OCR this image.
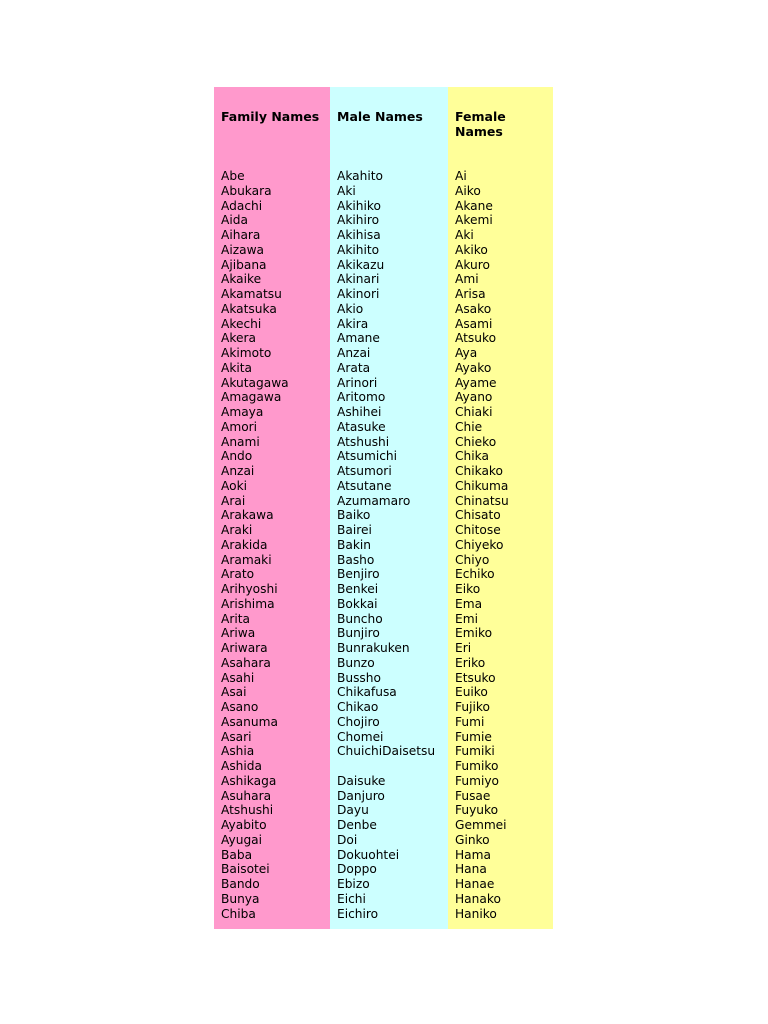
Family Names
Abe
Abukara
Adachi
Aida
Aihara
Aizawa
Ajibana
Akaike
Akamatsu
Akatsuka
Akechi
Akera
Akimoto
Akita
Akutagawa
Amagawa
Amaya
Amori
Anami
Ando
Anzai
Aoki
Arai
Arakawa
Araki
Arakida
Aramaki
Arato
Arihyoshi
Arishima
Arita
Ariwa
Ariwara
Asahara
Asahi
Asai
Asano
Asanuma
Asari
Ashia
Ashida
Ashikaga
Asuhara
Atshushi
Ayabito
Ayugai
Baba
Baisotei
Bando
Bunya
Chiba
Male Names
Akahito
Aki
Akihiko
Akihiro
Akihisa
Akihito
Akikazu
Akinari
Akinori
Akio
Akira
Amane
Anzai
Arata
Arinori
Aritomo
Ashihei
Atasuke
Atshushi
Atsumichi
Atsumori
Atsutane
Azumamaro
Baiko
Bairei
Bakin
Basho
Benjiro
Benkei
Bokkai
Buncho
Bunjiro
Bunrakuken
Bunzo
Bussho
Chikafusa
Chikao
Chojiro
Chomei
ChuichiDaisetsu
Daisuke
Danjuro
Dayu
Denbe
Doi
Dokuohtei
Doppo
Ebizo
Eichi
Eichiro
Female Names
Ai
Aiko
Akane
Akemi
Aki
Akiko
Akuro
Ami
Arisa
Asako
Asami
Atsuko
Aya
Ayako
Ayame
Ayano
Chiaki
Chie
Chieko
Chika
Chikako
Chikuma
Chinatsu
Chisato
Chitose
Chiyeko
Chiyo
Echiko
Eiko
Ema
Emi
Emiko
Eri
Eriko
Etsuko
Euiko
Fujiko
Fumi
Fumie
Fumiki
Fumiko
Fumiyo
Fusae
Fuyuko
Gemmei
Ginko
Hama
Hana
Hanae
Hanako
Haniko
